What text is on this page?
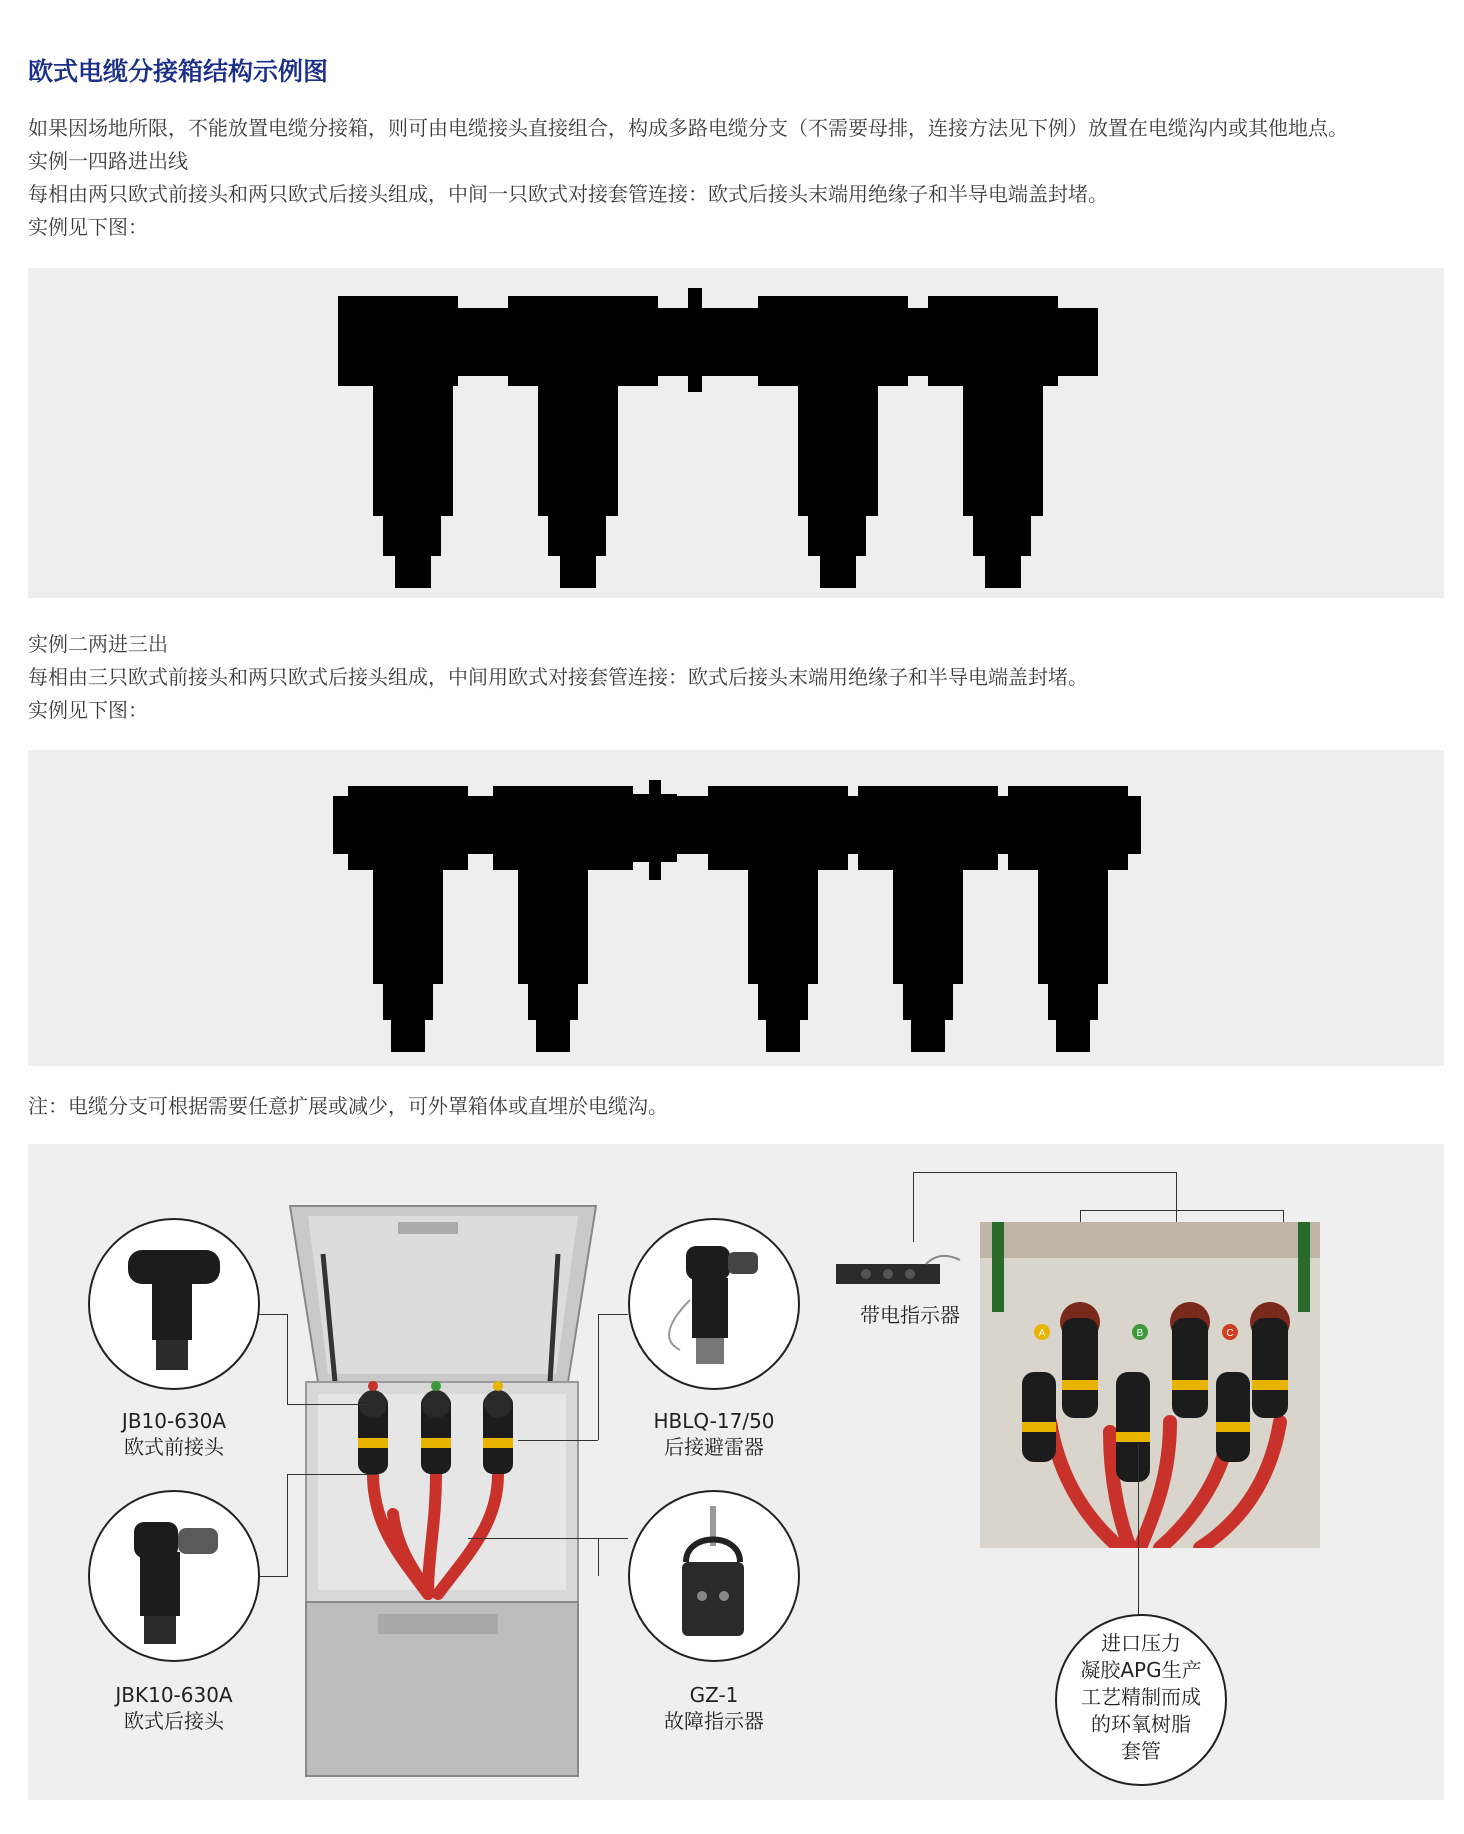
欧式电缆分接箱结构示例图
如果因场地所限，不能放置电缆分接箱，则可由电缆接头直接组合，构成多路电缆分支（不需要母排，连接方法见下例）放置在电缆沟内或其他地点。
实例一四路进出线
每相由两只欧式前接头和两只欧式后接头组成，中间一只欧式对接套管连接：欧式后接头末端用绝缘子和半导电端盖封堵。
实例见下图：
实例二两进三出
每相由三只欧式前接头和两只欧式后接头组成，中间用欧式对接套管连接：欧式后接头末端用绝缘子和半导电端盖封堵。
实例见下图：
注：电缆分支可根据需要任意扩展或减少，可外罩箱体或直埋於电缆沟。
JB10-630A
欧式前接头
JBK10-630A
欧式后接头
HBLQ-17/50
后接避雷器
GZ-1
故障指示器
带电指示器
A	B	C
进口压力
凝胶APG生产
工艺精制而成
的环氧树脂
套管
